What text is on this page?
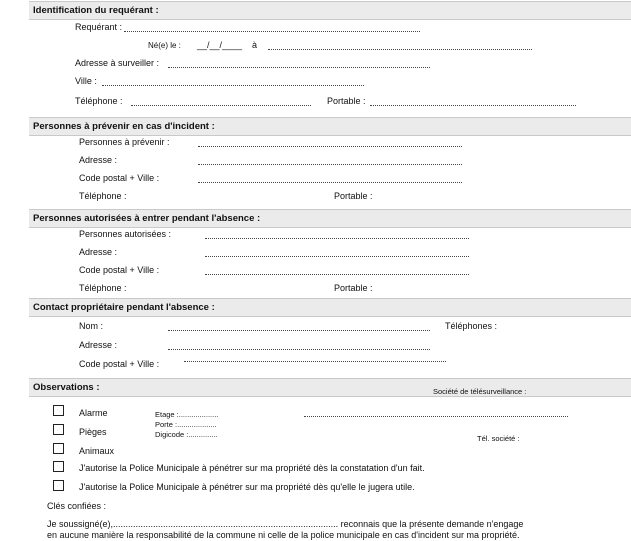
Identification du requérant :
Requérant :
Né(e) le : __/__/____ à
Adresse à surveiller :
Ville :
Téléphone :	Portable :
Personnes à prévenir en cas d'incident :
Personnes à prévenir :
Adresse :
Code postal + Ville :
Téléphone :	Portable :
Personnes autorisées à entrer pendant l'absence :
Personnes autorisées :
Adresse :
Code postal + Ville :
Téléphone :	Portable :
Contact propriétaire pendant l'absence :
Nom :	Téléphones :
Adresse :
Code postal + Ville :
Observations :	Société de télésurveillance :
Alarme
Pièges
Animaux
Etage :...................
Porte :...................
Digicode :..............	Tél. société :
J'autorise la Police Municipale à pénétrer sur ma propriété dès la constatation d'un fait.
J'autorise la Police Municipale à pénétrer sur ma propriété dès qu'elle le jugera utile.
Clés confiées :
Je soussigné(e),.......................................................................................... reconnais que la présente demande n'engage
en aucune manière la responsabilité de la commune ni celle de la police municipale en cas d'incident sur ma propriété.
